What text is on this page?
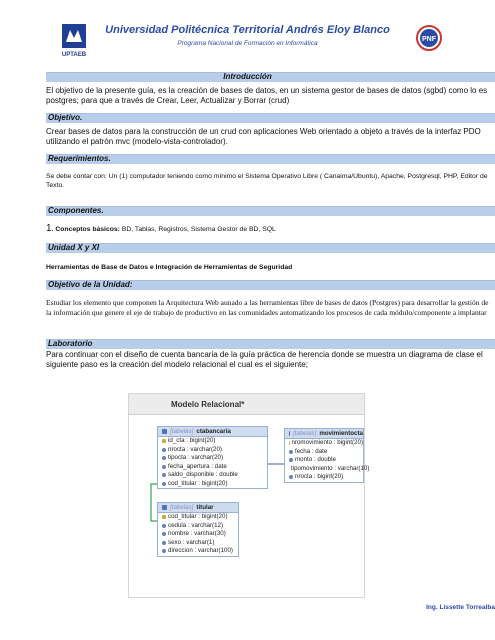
UPTAEB
Universidad Politécnica Territorial Andrés Eloy Blanco
Programa Nacional de Formación en Informática
PNF
Introducción
El objetivo de la presente guía, es la creación de bases de datos, en un sistema gestor de bases de datos (sgbd) como lo es postgres; para que a través de Crear, Leer, Actualizar y Borrar (crud)
Objetivo.
Crear bases de datos para la construcción de un crud con aplicaciones Web orientado a objeto a través de la interfaz PDO utilizando el patrón mvc (modelo-vista-controlador).
Requerimientos.
Se debe contar con: Un (1) computador teniendo como mínimo el Sistema Operativo Libre ( Canaima/Ubuntu), Apache, Postgresql, PHP, Editor de Texto.
Componentes.
1. Conceptos básicos: BD, Tablas, Registros, Sistema Gestor de BD, SQL
Unidad X y XI
Herramientas de Base de Datos e Integración de Herramientas de Seguridad
Objetivo de la Unidad:
Estudiar los elemento que componen la Arquitectura Web aunado a las herramientas libre de bases de datos (Postgres) para desarrollar la gestión de la información que genere el eje de trabajo de productivo en las comunidades automatizando los procesos de cada módulo/componente a implantar
Laboratorio
Para continuar con el diseño de cuenta bancaria de la guía práctica de herencia donde se muestra un diagrama de clase el siguiente paso es la creación del modelo relacional el cual es el siguiente;
Modelo Relacional*
[tabelas] ctabancaria
id_cta : bigint(20)
nrocta : varchar(20)
tipocta : varchar(20)
fecha_apertura : date
saldo_disponible : double
cod_titular : bigint(20)
[tabelas] movimientocta
nromovimiento : bigint(20)
fecha : date
monto : double
tipomovimiento : varchar(10)
nrocta : bigint(20)
[tabelas] titular
cod_titular : bigint(20)
cedula : varchar(12)
nombre : varchar(30)
sexo : varchar(1)
direccion : varchar(100)
Ing. Lissette Torrealba
